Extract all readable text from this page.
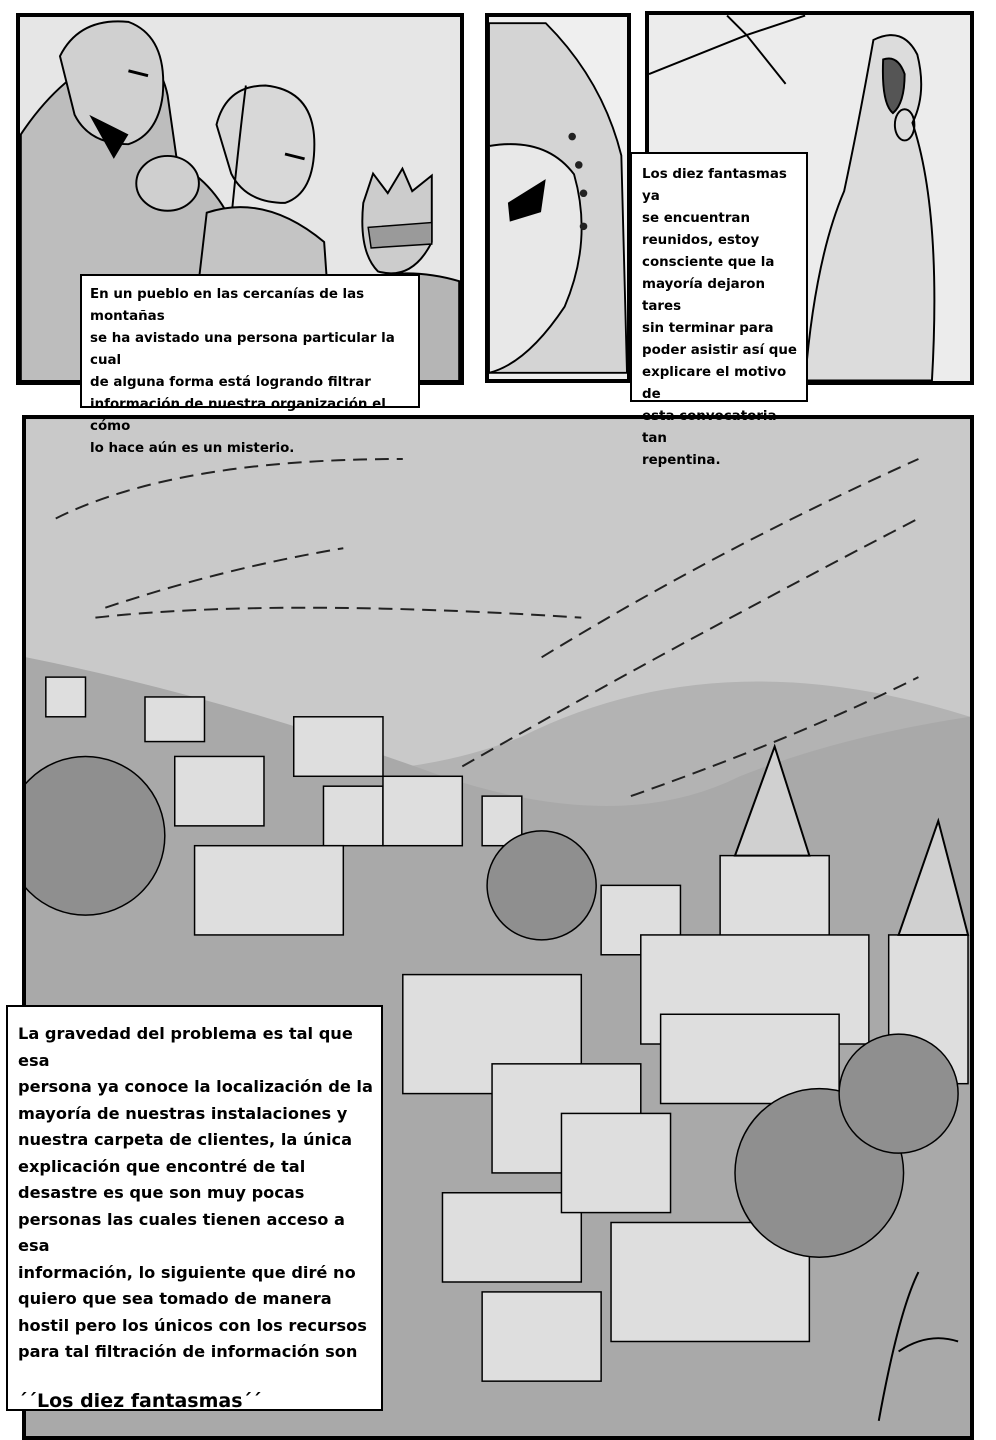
En un pueblo en las cercanías de las montañas
se ha avistado una persona particular la cual
de alguna forma está logrando filtrar
información de nuestra organización el cómo
lo hace aún es un misterio.
Los diez fantasmas ya
se encuentran
reunidos, estoy
consciente que la
mayoría dejaron tares
sin terminar para
poder asistir así que
explicare el motivo de
esta convocatoria tan
repentina.
La gravedad del problema es tal que esa
persona ya conoce la localización de la
mayoría de nuestras instalaciones y
nuestra carpeta de clientes, la única
explicación que encontré de tal
desastre es que son muy pocas
personas las cuales tienen acceso a esa
información, lo siguiente que diré no
quiero que sea tomado de manera
hostil pero los únicos con los recursos
para tal filtración de información son
´´Los diez fantasmas´´
